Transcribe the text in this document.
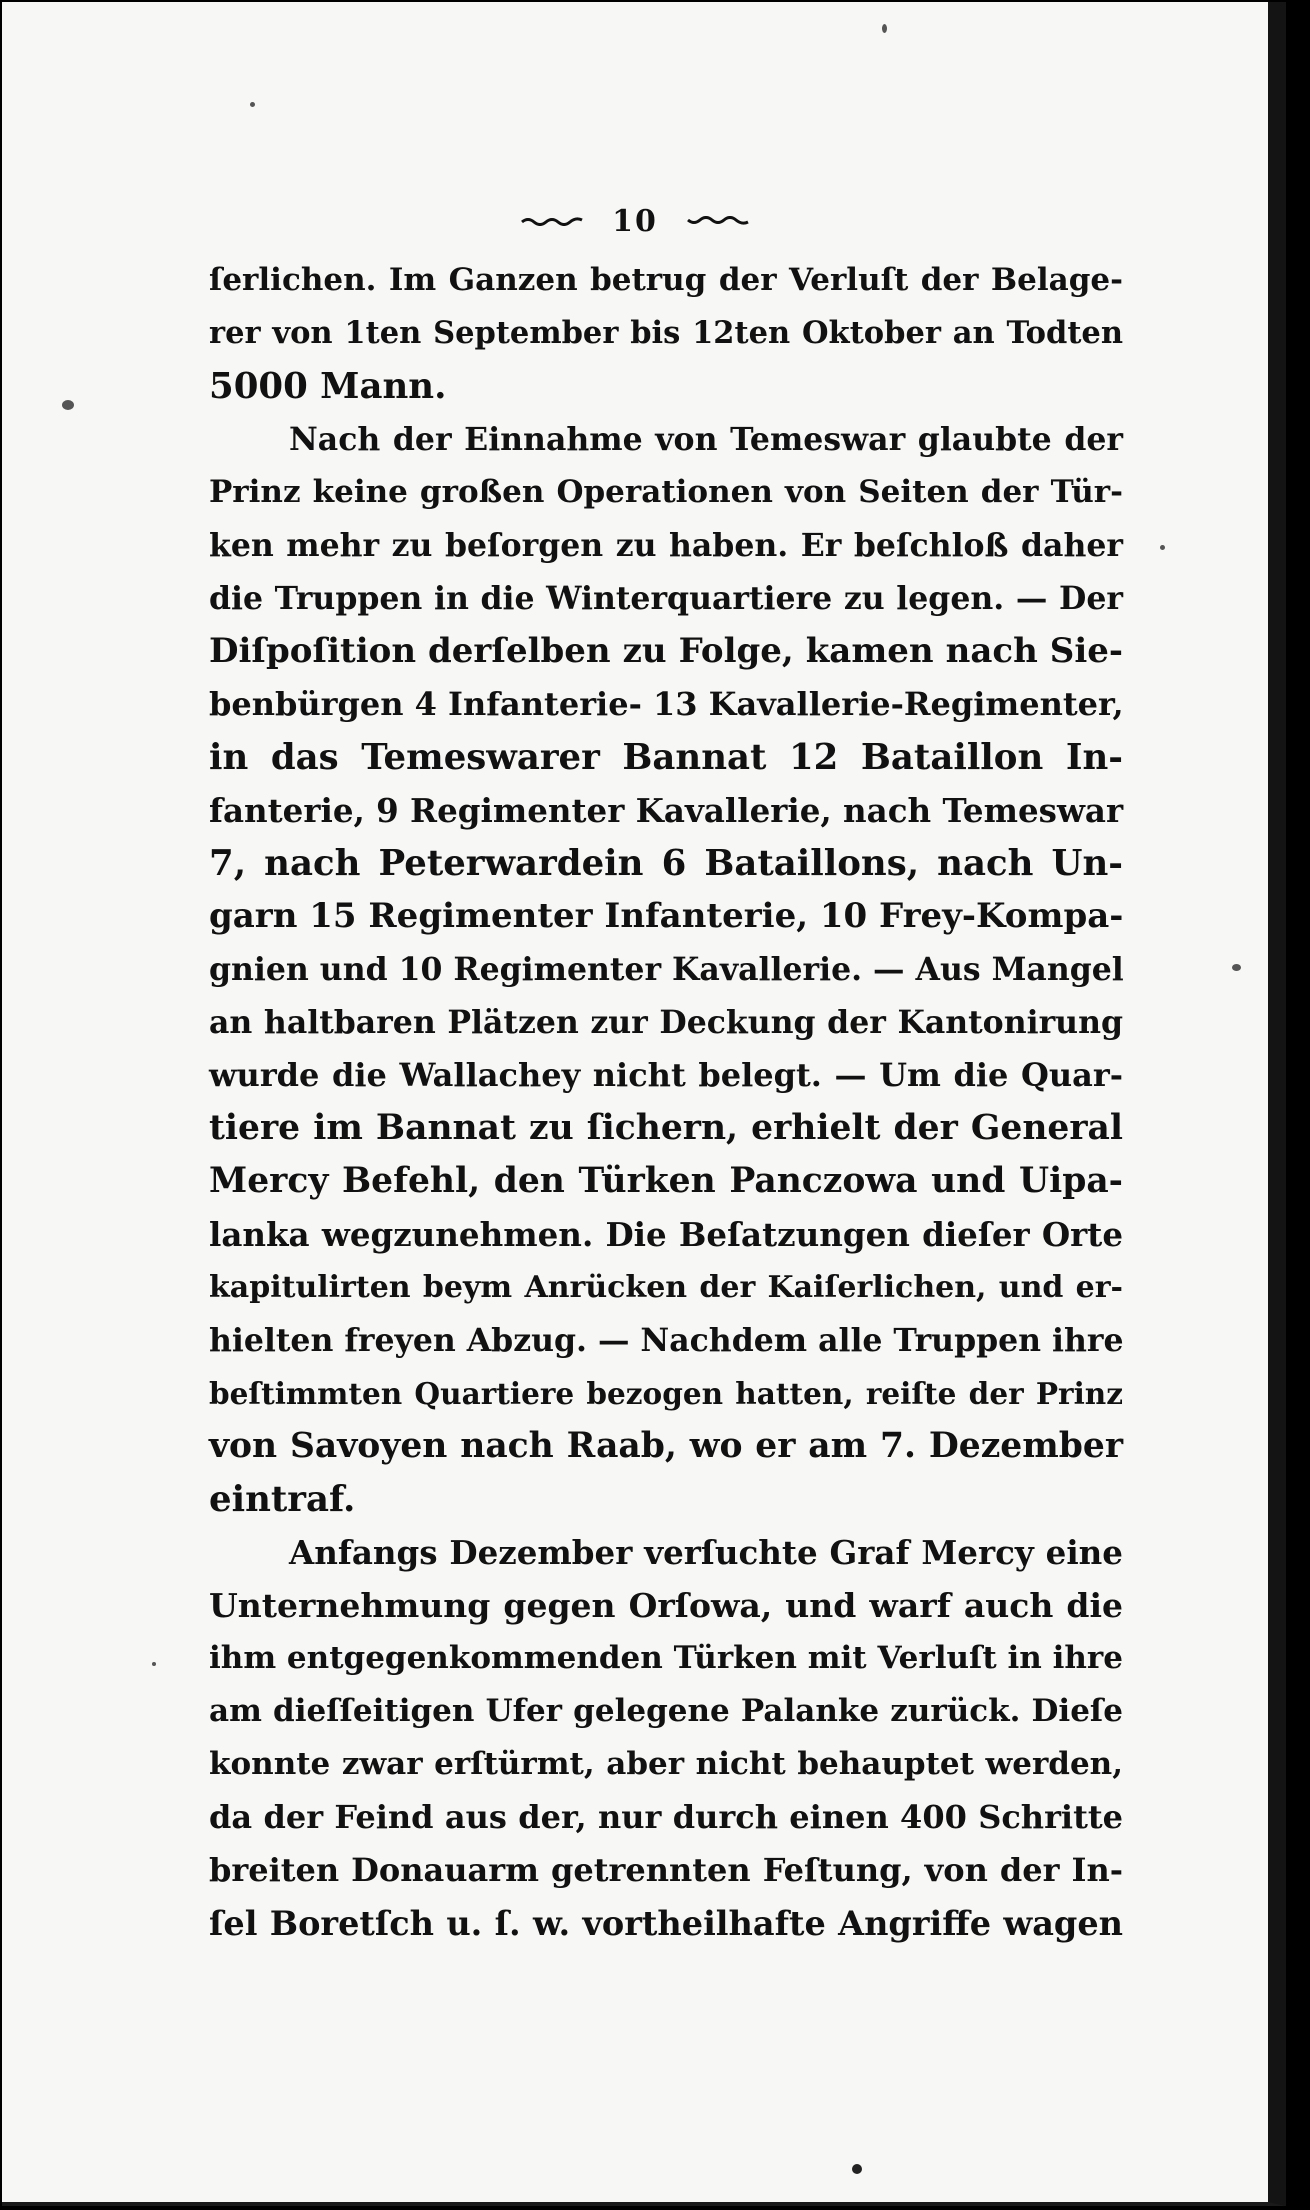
10
ſerlichen. Im Ganzen betrug der Verluſt der Belage-
rer von 1ten September bis 12ten Oktober an Todten
5000 Mann.
Nach der Einnahme von Temeswar glaubte der
Prinz keine großen Operationen von Seiten der Tür-
ken mehr zu beſorgen zu haben. Er beſchloß daher
die Truppen in die Winterquartiere zu legen. — Der
Diſpoſition derſelben zu Folge, kamen nach Sie-
benbürgen 4 Infanterie- 13 Kavallerie-Regimenter,
in das Temeswarer Bannat 12 Bataillon In-
fanterie, 9 Regimenter Kavallerie, nach Temeswar
7, nach Peterwardein 6 Bataillons, nach Un-
garn 15 Regimenter Infanterie, 10 Frey-Kompa-
gnien und 10 Regimenter Kavallerie. — Aus Mangel
an haltbaren Plätzen zur Deckung der Kantonirung
wurde die Wallachey nicht belegt. — Um die Quar-
tiere im Bannat zu ſichern, erhielt der General
Mercy Befehl, den Türken Panczowa und Uipa-
lanka wegzunehmen. Die Beſatzungen dieſer Orte
kapitulirten beym Anrücken der Kaiſerlichen, und er-
hielten freyen Abzug. — Nachdem alle Truppen ihre
beſtimmten Quartiere bezogen hatten, reiſte der Prinz
von Savoyen nach Raab, wo er am 7. Dezember
eintraf.
Anfangs Dezember verſuchte Graf Mercy eine
Unternehmung gegen Orſowa, und warf auch die
ihm entgegenkommenden Türken mit Verluſt in ihre
am dieſſeitigen Ufer gelegene Palanke zurück. Dieſe
konnte zwar erſtürmt, aber nicht behauptet werden,
da der Feind aus der, nur durch einen 400 Schritte
breiten Donauarm getrennten Feſtung, von der In-
ſel Boretſch u. ſ. w. vortheilhafte Angriffe wagen
